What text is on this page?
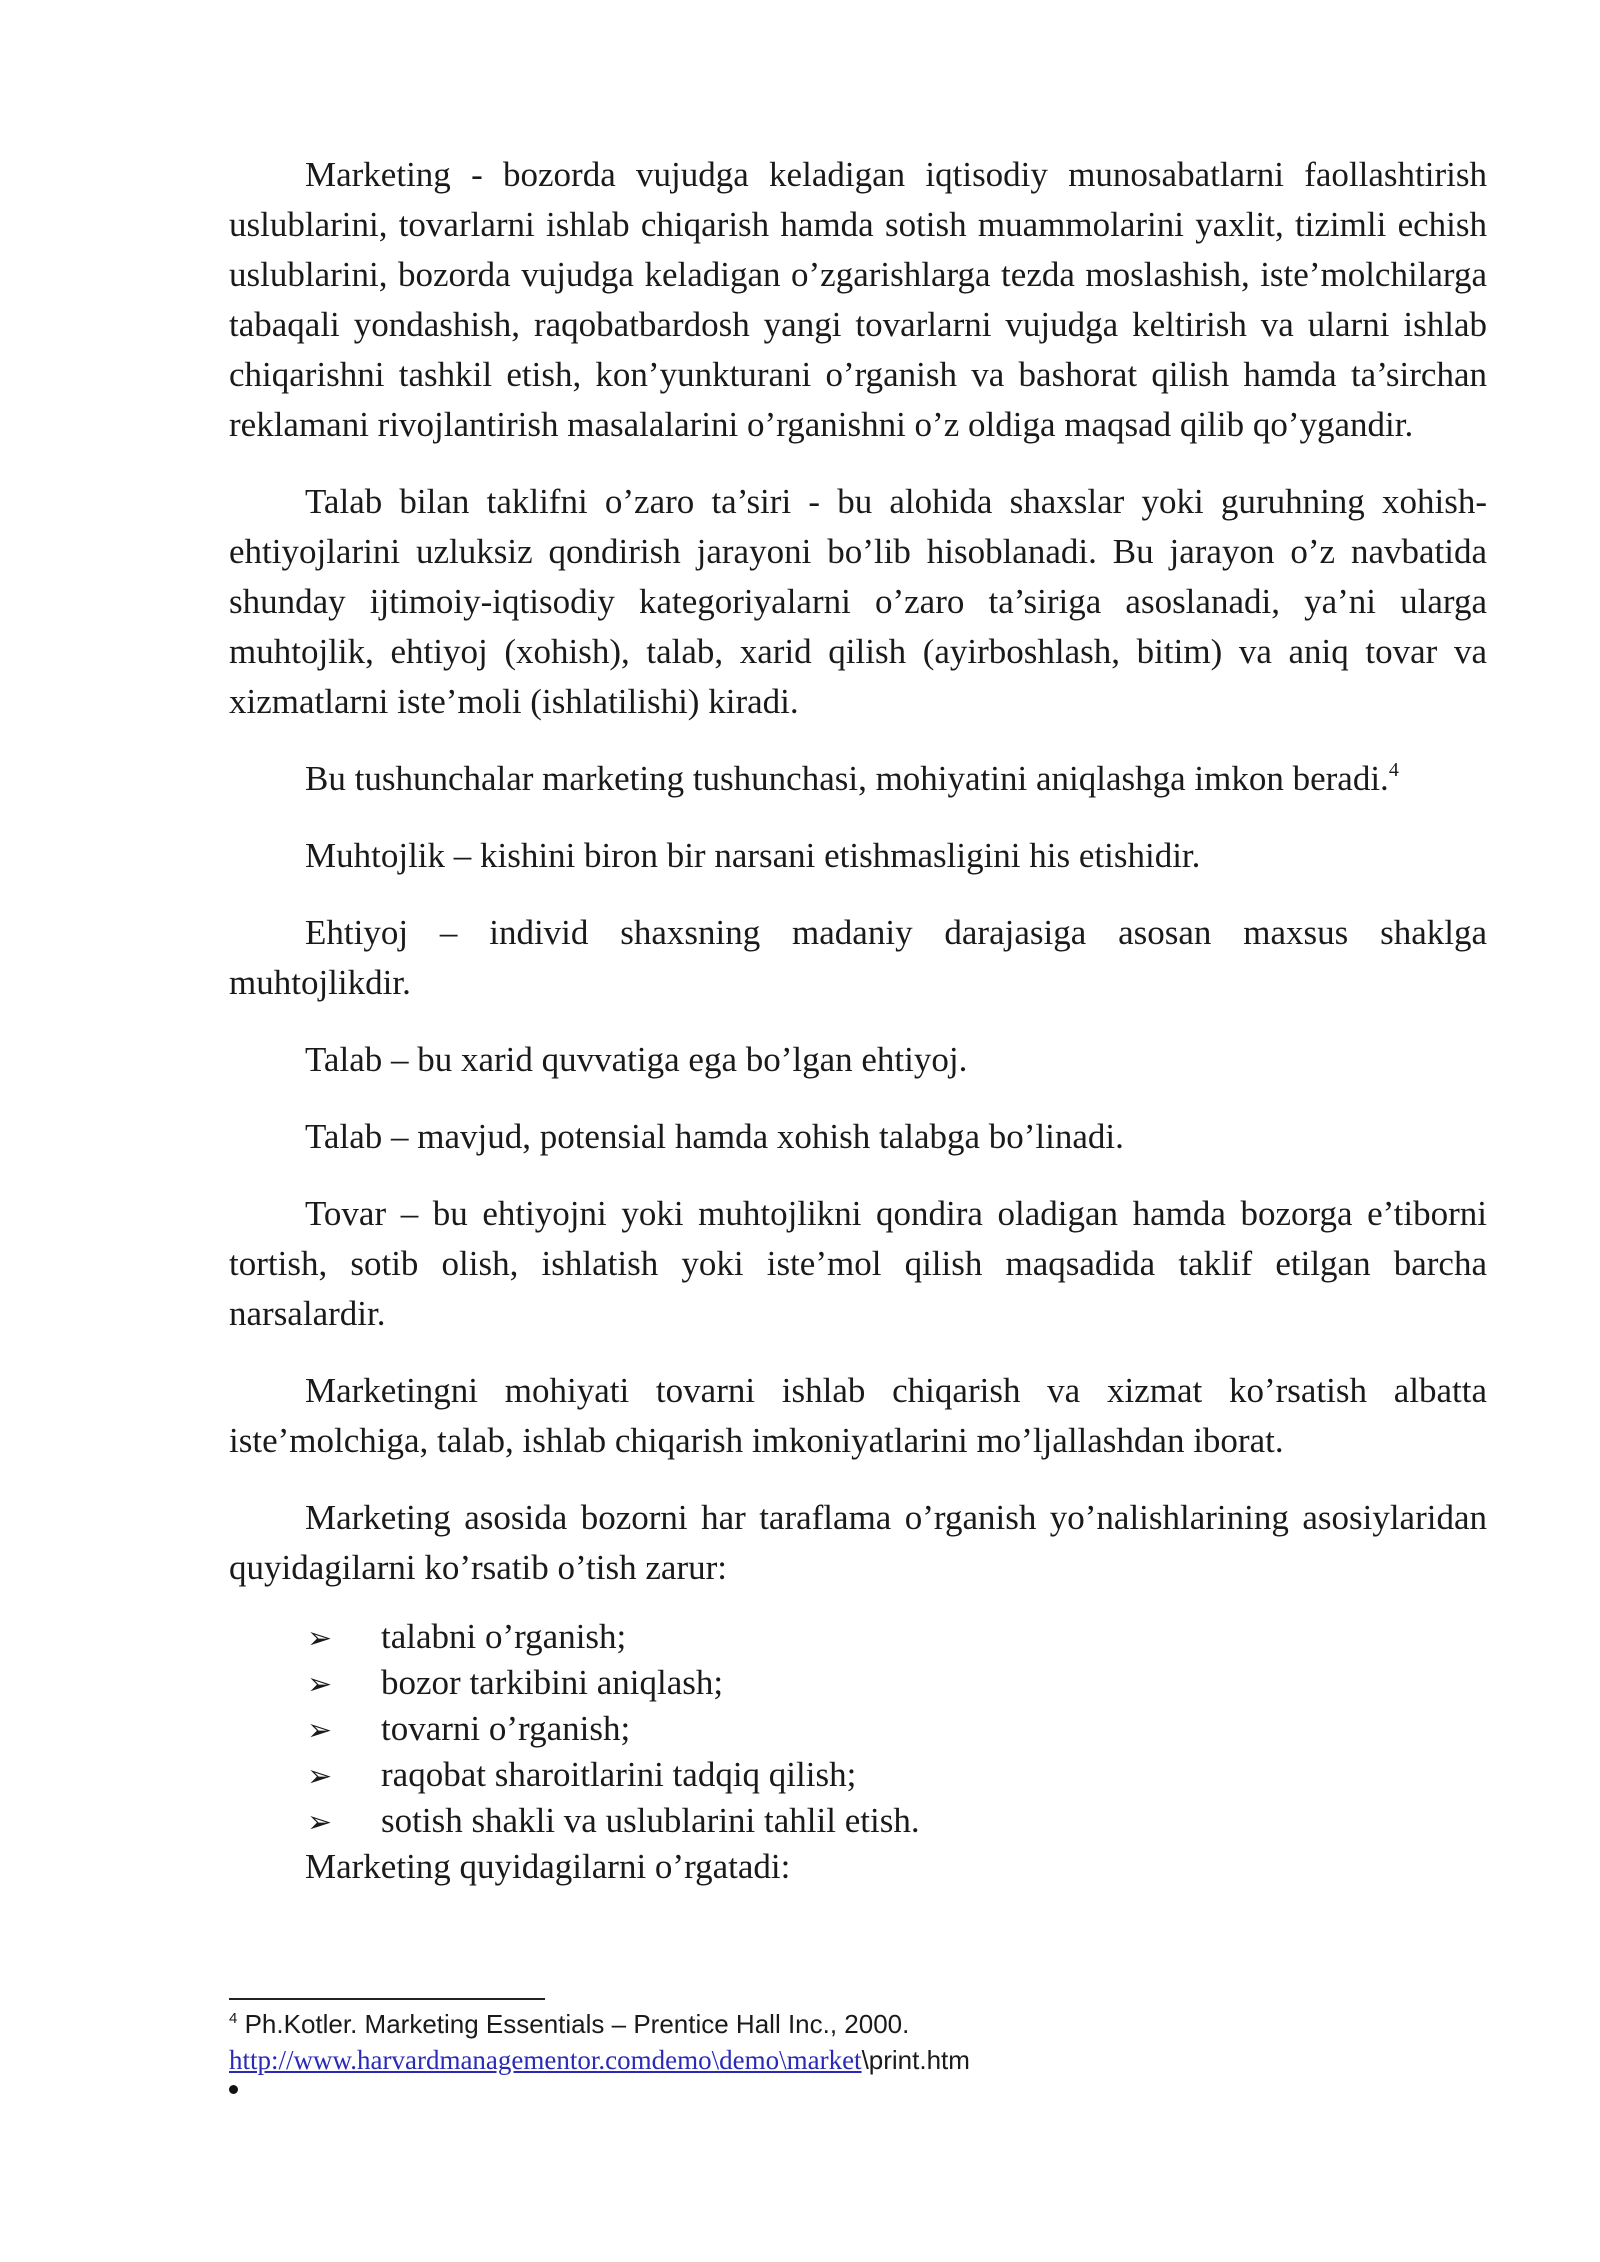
Marketing - bozorda vujudga keladigan iqtisodiy munosabatlarni faollashtirish uslublarini, tovarlarni ishlab chiqarish hamda sotish muammolarini yaxlit, tizimli echish uslublarini, bozorda vujudga keladigan o’zgarishlarga tezda moslashish, iste’molchilarga tabaqali yondashish, raqobatbardosh yangi tovarlarni vujudga keltirish va ularni ishlab chiqarishni tashkil etish, kon’yunkturani o’rganish va bashorat qilish hamda ta’sirchan reklamani rivojlantirish masalalarini o’rganishni o’z oldiga maqsad qilib qo’ygandir.

Talab bilan taklifni o’zaro ta’siri - bu alohida shaxslar yoki guruhning xohish-ehtiyojlarini uzluksiz qondirish jarayoni bo’lib hisoblanadi. Bu jarayon o’z navbatida shunday ijtimoiy-iqtisodiy kategoriyalarni o’zaro ta’siriga asoslanadi, ya’ni ularga muhtojlik, ehtiyoj (xohish), talab, xarid qilish (ayirboshlash, bitim) va aniq tovar va xizmatlarni iste’moli (ishlatilishi) kiradi.

Bu tushunchalar marketing tushunchasi, mohiyatini aniqlashga imkon beradi.$^4$

Muhtojlik – kishini biron bir narsani etishmasligini his etishidir.

Ehtiyoj – individ shaxsning madaniy darajasiga asosan maxsus shaklga muhtojlikdir.

Talab – bu xarid quvvatiga ega bo’lgan ehtiyoj.

Talab – mavjud, potensial hamda xohish talabga bo’linadi.

Tovar – bu ehtiyojni yoki muhtojlikni qondira oladigan hamda bozorga e’tiborni tortish, sotib olish, ishlatish yoki iste’mol qilish maqsadida taklif etilgan barcha narsalardir.

Marketingni mohiyati tovarni ishlab chiqarish va xizmat ko’rsatish albatta iste’molchiga, talab, ishlab chiqarish imkoniyatlarini mo’ljallashdan iborat.

Marketing asosida bozorni har taraflama o’rganish yo’nalishlarining asosiylaridan quyidagilarni ko’rsatib o’tish zarur:

➢	talabni o’rganish;
➢	bozor tarkibini aniqlash;
➢	tovarni o’rganish;
➢	raqobat sharoitlarini tadqiq qilish;
➢	sotish shakli va uslublarini tahlil etish.

Marketing quyidagilarni o’rgatadi:

$^4$ Ph.Kotler. Marketing Essentials – Prentice Hall Inc., 2000. http://www.harvardmanagementor.comdemo\demo\market\print.htm
